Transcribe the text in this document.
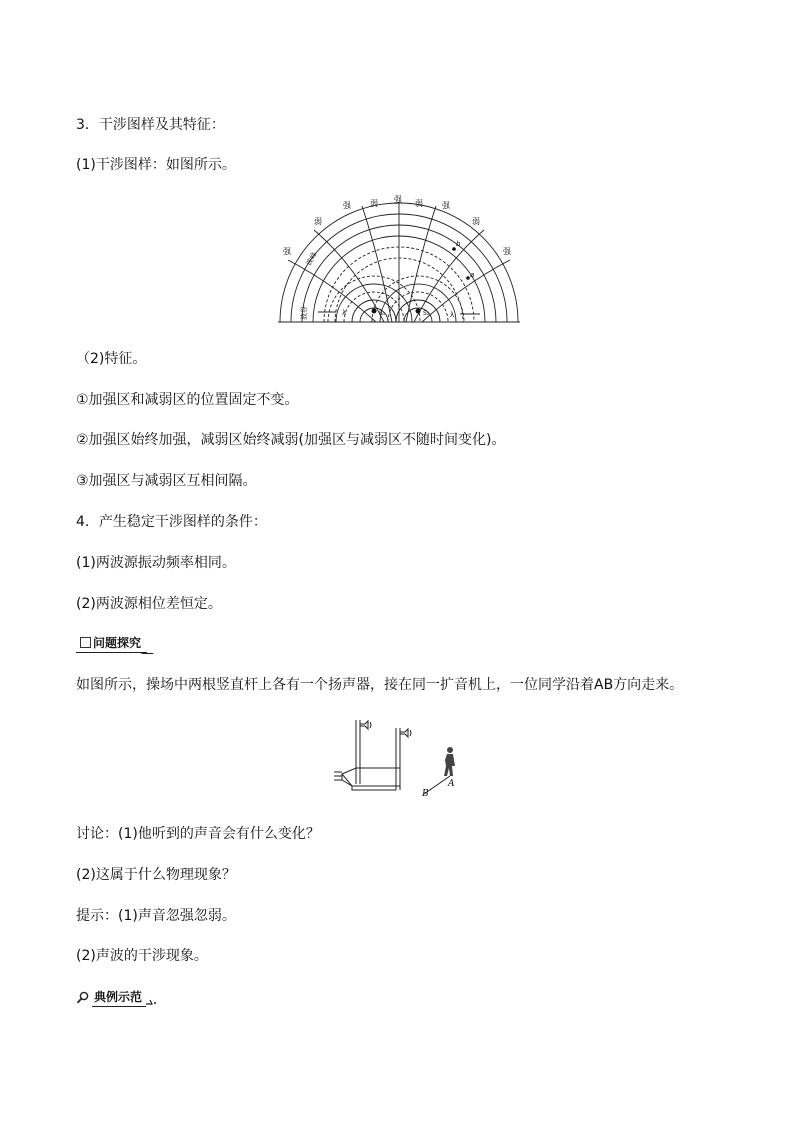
3．干涉图样及其特征：
(1)干涉图样：如图所示。
强
弱
强 弱 强 弱 强
弱
强
波峰
波谷	S₁	S₂
a
b
λ	λ
（2)特征。
①加强区和减弱区的位置固定不变。
②加强区始终加强，减弱区始终减弱(加强区与减弱区不随时间变化)。
③加强区与减弱区互相间隔。
4．产生稳定干涉图样的条件：
(1)两波源振动频率相同。
(2)两波源相位差恒定。
问题探究
如图所示，操场中两根竖直杆上各有一个扬声器，接在同一扩音机上，一位同学沿着AB方向走来。
A
B
讨论：(1)他听到的声音会有什么变化？
(2)这属于什么物理现象？
提示：(1)声音忽强忽弱。
(2)声波的干涉现象。
典例示范
